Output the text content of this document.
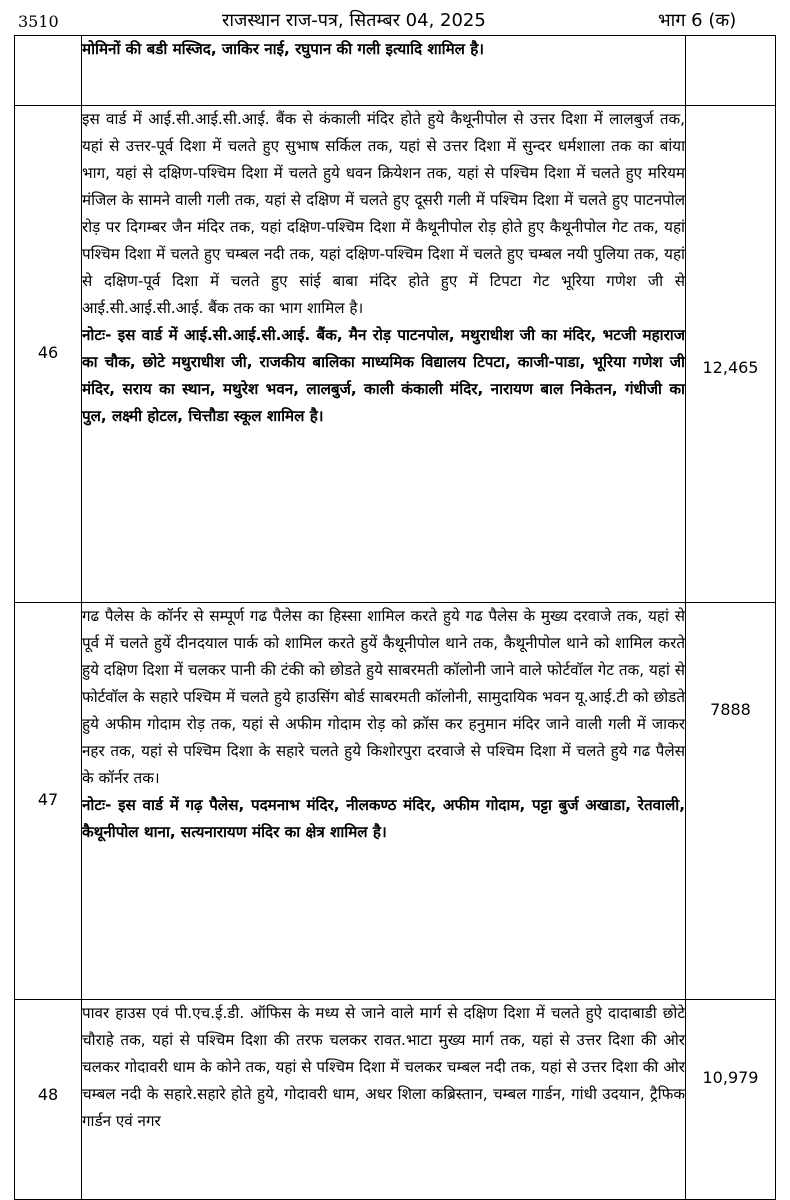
3510	राजस्थान राज-पत्र, सितम्बर 04, 2025	भाग 6 (क)

	मोमिनों की बडी मस्जिद, जाकिर नाई, रघुपान की गली इत्यादि शामिल है।	

46	इस वार्ड में आई.सी.आई.सी.आई. बैंक से कंकाली मंदिर होते हुये कैथूनीपोल से उत्तर दिशा में लालबुर्ज तक, यहां से उत्तर-पूर्व दिशा में चलते हुए सुभाष सर्किल तक, यहां से उत्तर दिशा में सुन्दर धर्मशाला तक का बांया भाग, यहां से दक्षिण-पश्चिम दिशा में चलते हुये धवन क्रियेशन तक, यहां से पश्चिम दिशा में चलते हुए मरियम मंजिल के सामने वाली गली तक, यहां से दक्षिण में चलते हुए दूसरी गली में पश्चिम दिशा में चलते हुए पाटनपोल रोड़ पर दिगम्बर जैन मंदिर तक, यहां दक्षिण-पश्चिम दिशा में कैथूनीपोल रोड़ होते हुए कैथूनीपोल गेट तक, यहां पश्चिम दिशा में चलते हुए चम्बल नदी तक, यहां दक्षिण-पश्चिम दिशा में चलते हुए चम्बल नयी पुलिया तक, यहां से दक्षिण-पूर्व दिशा में चलते हुए सांई बाबा मंदिर होते हुए में टिपटा गेट भूरिया गणेश जी से आई.सी.आई.सी.आई. बैंक तक का भाग शामिल है।

नोटः- इस वार्ड में आई.सी.आई.सी.आई. बैंक, मैन रोड़ पाटनपोल, मथुराधीश जी का मंदिर, भटजी महाराज का चौक, छोटे मथुराधीश जी, राजकीय बालिका माध्यमिक विद्यालय टिपटा, काजी-पाडा, भूरिया गणेश जी मंदिर, सराय का स्थान, मथुरेश भवन, लालबुर्ज, काली कंकाली मंदिर, नारायण बाल निकेतन, गंधीजी का पुल, लक्ष्मी होटल, चित्तौडा स्कूल शामिल है।	12,465

47	गढ पैलेस के कॉर्नर से सम्पूर्ण गढ पैलेस का हिस्सा शामिल करते हुये गढ पैलेस के मुख्य दरवाजे तक, यहां से पूर्व में चलते हुयें दीनदयाल पार्क को शामिल करते हुयें कैथूनीपोल थाने तक, कैथूनीपोल थाने को शामिल करते हुये दक्षिण दिशा में चलकर पानी की टंकी को छोडते हुये साबरमती कॉलोनी जाने वाले फोर्टवॉल गेट तक, यहां से फोर्टवॉल के सहारे पश्चिम में चलते हुये हाउसिंग बोर्ड साबरमती कॉलोनी, सामुदायिक भवन यू.आई.टी को छोडते हुये अफीम गोदाम रोड़ तक, यहां से अफीम गोदाम रोड़ को क्रॉस कर हनुमान मंदिर जाने वाली गली में जाकर नहर तक, यहां से पश्चिम दिशा के सहारे चलते हुये किशोरपुरा दरवाजे से पश्चिम दिशा में चलते हुये गढ पैलेस के कॉर्नर तक।

नोटः- इस वार्ड में गढ़ पैलेस, पदमनाभ मंदिर, नीलकण्ठ मंदिर, अफीम गोदाम, पट्टा बुर्ज अखाडा, रेतवाली, कैथूनीपोल थाना, सत्यनारायण मंदिर का क्षेत्र शामिल है।	7888

48	पावर हाउस एवं पी.एच.ई.डी. ऑफिस के मध्य से जाने वाले मार्ग से दक्षिण दिशा में चलते हुऐ दादाबाडी छोटे चौराहे तक, यहां से पश्चिम दिशा की तरफ चलकर रावत.भाटा मुख्य मार्ग तक, यहां से उत्तर दिशा की ओर चलकर गोदावरी धाम के कोने तक, यहां से पश्चिम दिशा में चलकर चम्बल नदी तक, यहां से उत्तर दिशा की ओर चम्बल नदी के सहारे.सहारे होते हुये, गोदावरी धाम, अधर शिला कब्रिस्तान, चम्बल गार्डन, गांधी उदयान, ट्रैफिक गार्डन एवं नगर	10,979
